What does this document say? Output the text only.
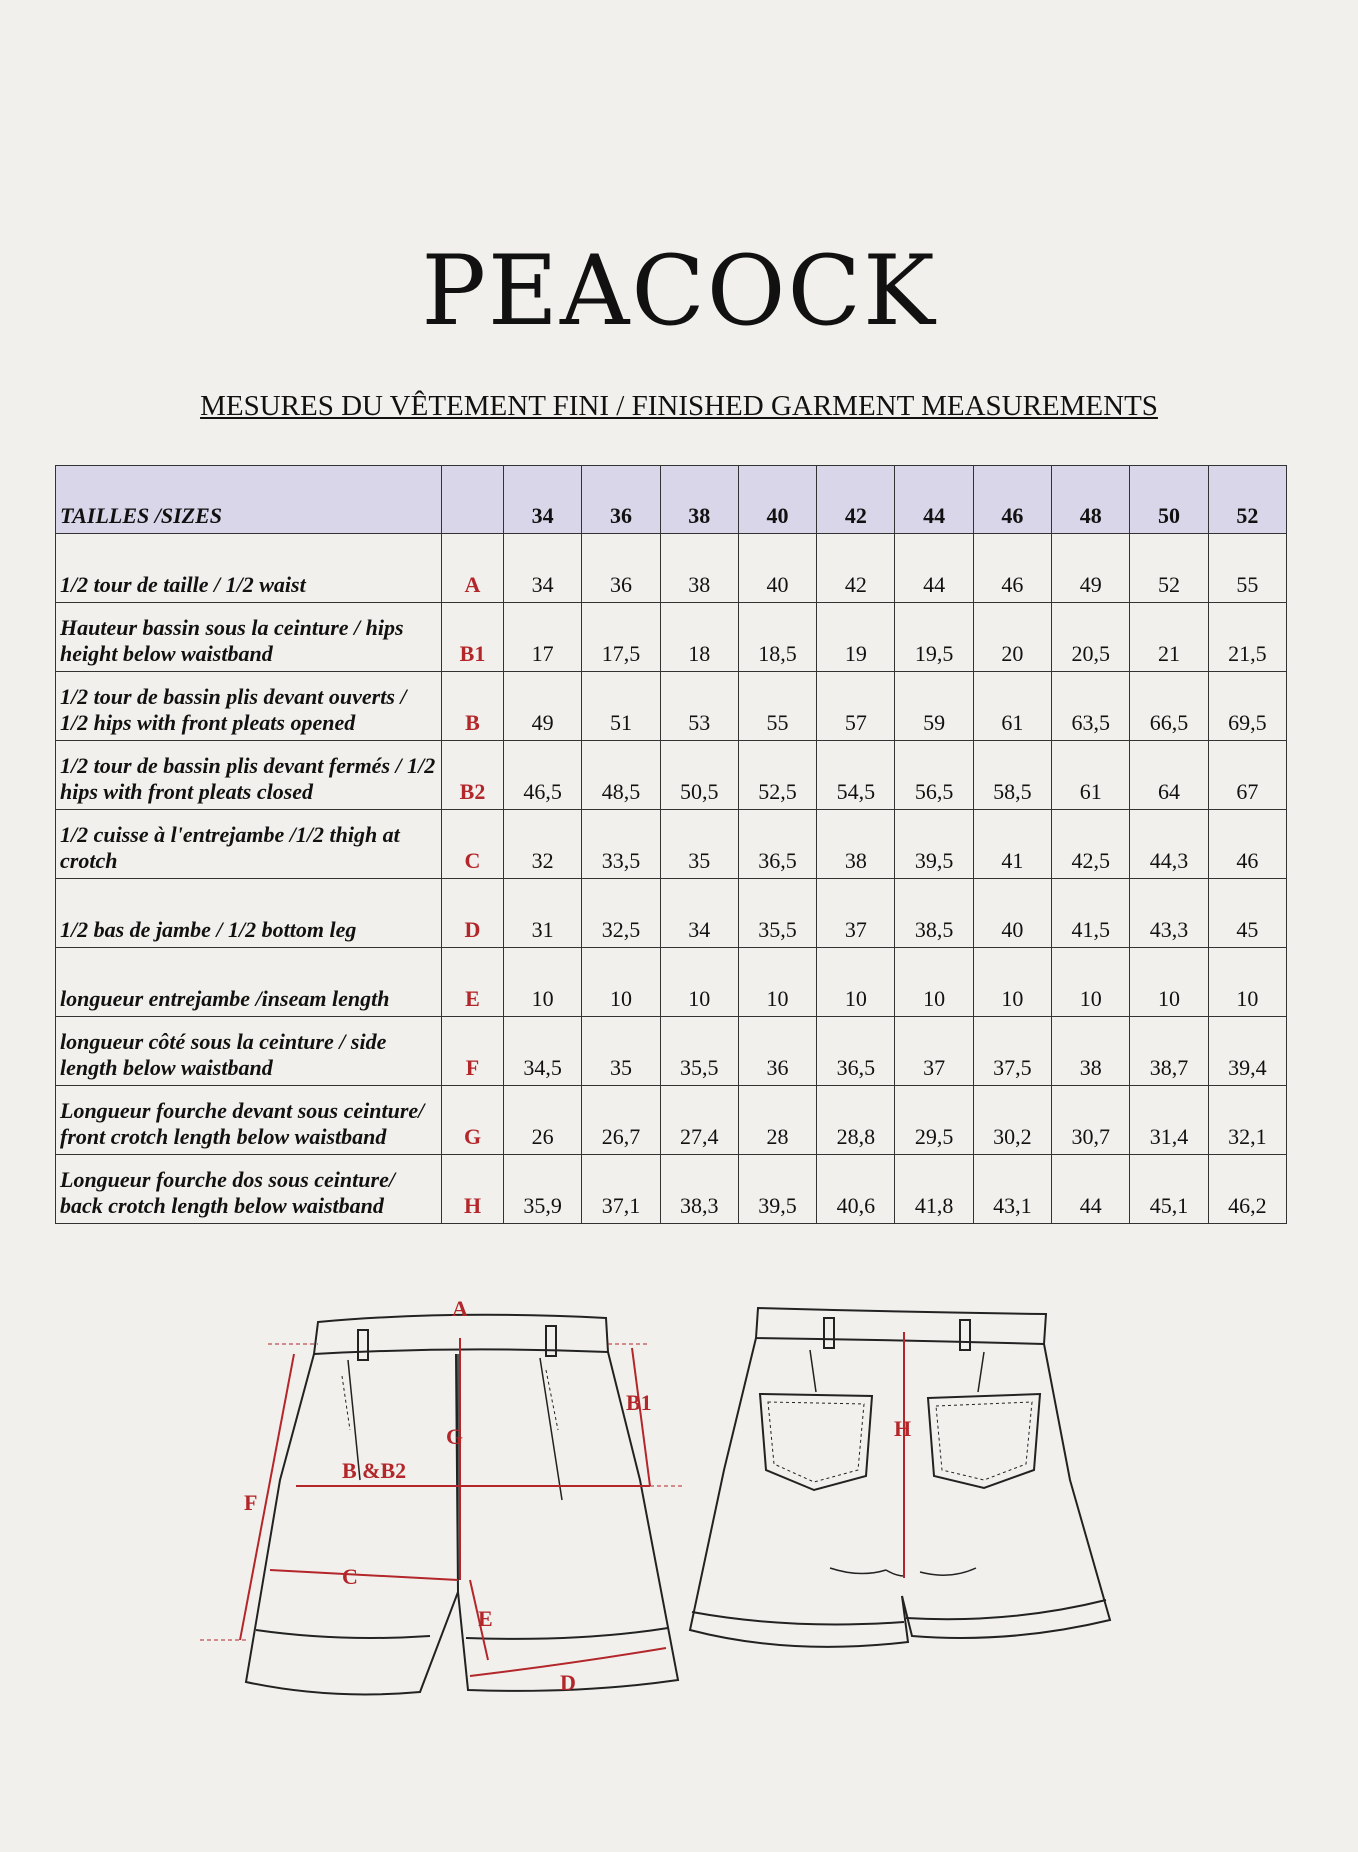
PEACOCK
MESURES DU VÊTEMENT FINI / FINISHED GARMENT MEASUREMENTS
TAILLES /SIZES		34	36	38	40	42	44	46	48	50	52
1/2 tour de taille / 1/2 waist	A	34	36	38	40	42	44	46	49	52	55
Hauteur bassin sous la ceinture / hips height below waistband	B1	17	17,5	18	18,5	19	19,5	20	20,5	21	21,5
1/2 tour de bassin plis devant ouverts / 1/2 hips with front pleats opened	B	49	51	53	55	57	59	61	63,5	66,5	69,5
1/2 tour de bassin plis devant fermés / 1/2 hips with front pleats closed	B2	46,5	48,5	50,5	52,5	54,5	56,5	58,5	61	64	67
1/2 cuisse à l'entrejambe /1/2 thigh at crotch	C	32	33,5	35	36,5	38	39,5	41	42,5	44,3	46
1/2 bas de jambe / 1/2 bottom leg	D	31	32,5	34	35,5	37	38,5	40	41,5	43,3	45
longueur entrejambe /inseam length	E	10	10	10	10	10	10	10	10	10	10
longueur côté sous la ceinture / side length below waistband	F	34,5	35	35,5	36	36,5	37	37,5	38	38,7	39,4
Longueur fourche devant sous ceinture/ front crotch length below waistband	G	26	26,7	27,4	28	28,8	29,5	30,2	30,7	31,4	32,1
Longueur fourche dos sous ceinture/ back crotch length below waistband	H	35,9	37,1	38,3	39,5	40,6	41,8	43,1	44	45,1	46,2
A
B1
G
B &B2
F
C
E
D
H
